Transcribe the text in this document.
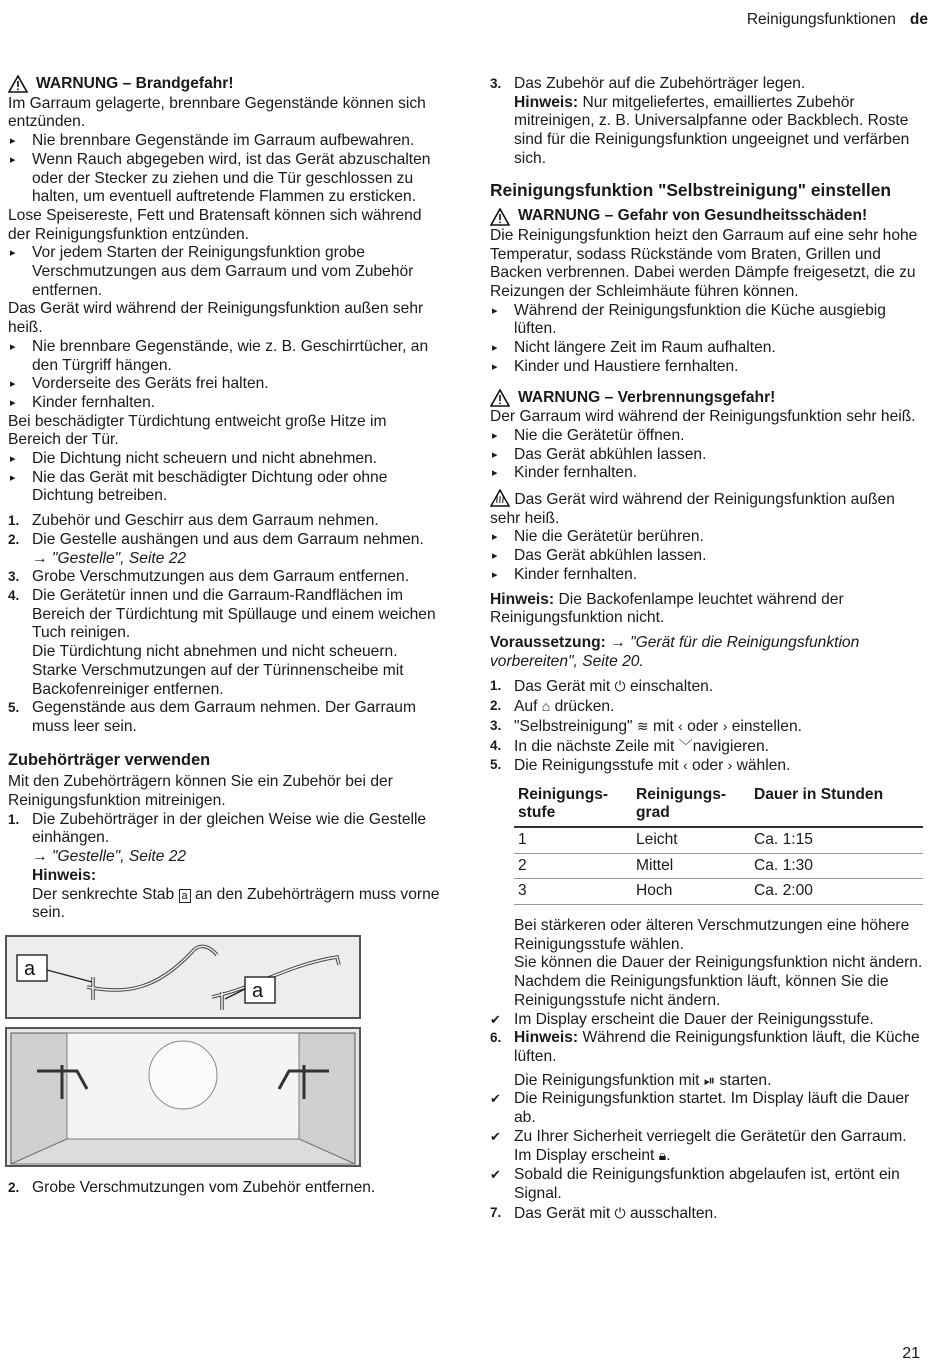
Reinigungsfunktionen de
WARNUNG – Brandgefahr!

Im Garraum gelagerte, brennbare Gegenstände können sich entzünden.

▸ Nie brennbare Gegenstände im Garraum aufbewahren.

▸ Wenn Rauch abgegeben wird, ist das Gerät abzuschalten oder der Stecker zu ziehen und die Tür geschlossen zu halten, um eventuell auftretende Flammen zu ersticken.

Lose Speisereste, Fett und Bratensaft können sich während der Reinigungsfunktion entzünden.

▸ Vor jedem Starten der Reinigungsfunktion grobe Verschmutzungen aus dem Garraum und vom Zubehör entfernen.

Das Gerät wird während der Reinigungsfunktion außen sehr heiß.

▸ Nie brennbare Gegenstände, wie z. B. Geschirrtücher, an den Türgriff hängen.

▸ Vorderseite des Geräts frei halten.

▸ Kinder fernhalten.

Bei beschädigter Türdichtung entweicht große Hitze im Bereich der Tür.

▸ Die Dichtung nicht scheuern und nicht abnehmen.

▸ Nie das Gerät mit beschädigter Dichtung oder ohne Dichtung betreiben.

1. Zubehör und Geschirr aus dem Garraum nehmen.

2. Die Gestelle aushängen und aus dem Garraum nehmen.
→ "Gestelle", Seite 22

3. Grobe Verschmutzungen aus dem Garraum entfernen.

4. Die Gerätetür innen und die Garraum-Randflächen im Bereich der Türdichtung mit Spüllauge und einem weichen Tuch reinigen.
Die Türdichtung nicht abnehmen und nicht scheuern.
Starke Verschmutzungen auf der Türinnenscheibe mit Backofenreiniger entfernen.

5. Gegenstände aus dem Garraum nehmen. Der Garraum muss leer sein.

Zubehörträger verwenden

Mit den Zubehörträgern können Sie ein Zubehör bei der Reinigungsfunktion mitreinigen.

1. Die Zubehörträger in der gleichen Weise wie die Gestelle einhängen.
→ "Gestelle", Seite 22
Hinweis:
Der senkrechte Stab a an den Zubehörträgern muss vorne sein.

a
a

2. Grobe Verschmutzungen vom Zubehör entfernen.

3. Das Zubehör auf die Zubehörträger legen.
Hinweis: Nur mitgeliefertes, emailliertes Zubehör mitreinigen, z. B. Universalpfanne oder Backblech. Roste sind für die Reinigungsfunktion ungeeignet und verfärben sich.

Reinigungsfunktion "Selbstreinigung" einstellen
WARNUNG – Gefahr von Gesundheitsschäden!

Die Reinigungsfunktion heizt den Garraum auf eine sehr hohe Temperatur, sodass Rückstände vom Braten, Grillen und Backen verbrennen. Dabei werden Dämpfe freigesetzt, die zu Reizungen der Schleimhäute führen können.

▸ Während der Reinigungsfunktion die Küche ausgiebig lüften.

▸ Nicht längere Zeit im Raum aufhalten.

▸ Kinder und Haustiere fernhalten.

WARNUNG – Verbrennungsgefahr!

Der Garraum wird während der Reinigungsfunktion sehr heiß.

▸ Nie die Gerätetür öffnen.

▸ Das Gerät abkühlen lassen.

▸ Kinder fernhalten.

Das Gerät wird während der Reinigungsfunktion außen sehr heiß.

▸ Nie die Gerätetür berühren.

▸ Das Gerät abkühlen lassen.

▸ Kinder fernhalten.

Hinweis: Die Backofenlampe leuchtet während der Reinigungsfunktion nicht.

Voraussetzung: → "Gerät für die Reinigungsfunktion vorbereiten", Seite 20.

1. Das Gerät mit ⏻ einschalten.

2. Auf ⌂ drücken.

3. "Selbstreinigung" ≋ mit ‹ oder › einstellen.

4. In die nächste Zeile mit ﹀navigieren.

5. Die Reinigungsstufe mit ‹ oder › wählen.

Reinigungs-stufe	Reinigungs-grad	Dauer in Stunden
1	Leicht	Ca. 1:15
2	Mittel	Ca. 1:30
3	Hoch	Ca. 2:00

Bei stärkeren oder älteren Verschmutzungen eine höhere Reinigungsstufe wählen.

Sie können die Dauer der Reinigungsfunktion nicht ändern.

Nachdem die Reinigungsfunktion läuft, können Sie die Reinigungsstufe nicht ändern.

✔ Im Display erscheint die Dauer der Reinigungsstufe.

6. Hinweis: Während die Reinigungsfunktion läuft, die Küche lüften.

Die Reinigungsfunktion mit ⏯ starten.

✔ Die Reinigungsfunktion startet. Im Display läuft die Dauer ab.

✔ Zu Ihrer Sicherheit verriegelt die Gerätetür den Garraum. Im Display erscheint 🔒︎.

✔ Sobald die Reinigungsfunktion abgelaufen ist, ertönt ein Signal.

7. Das Gerät mit ⏻ ausschalten.

21
